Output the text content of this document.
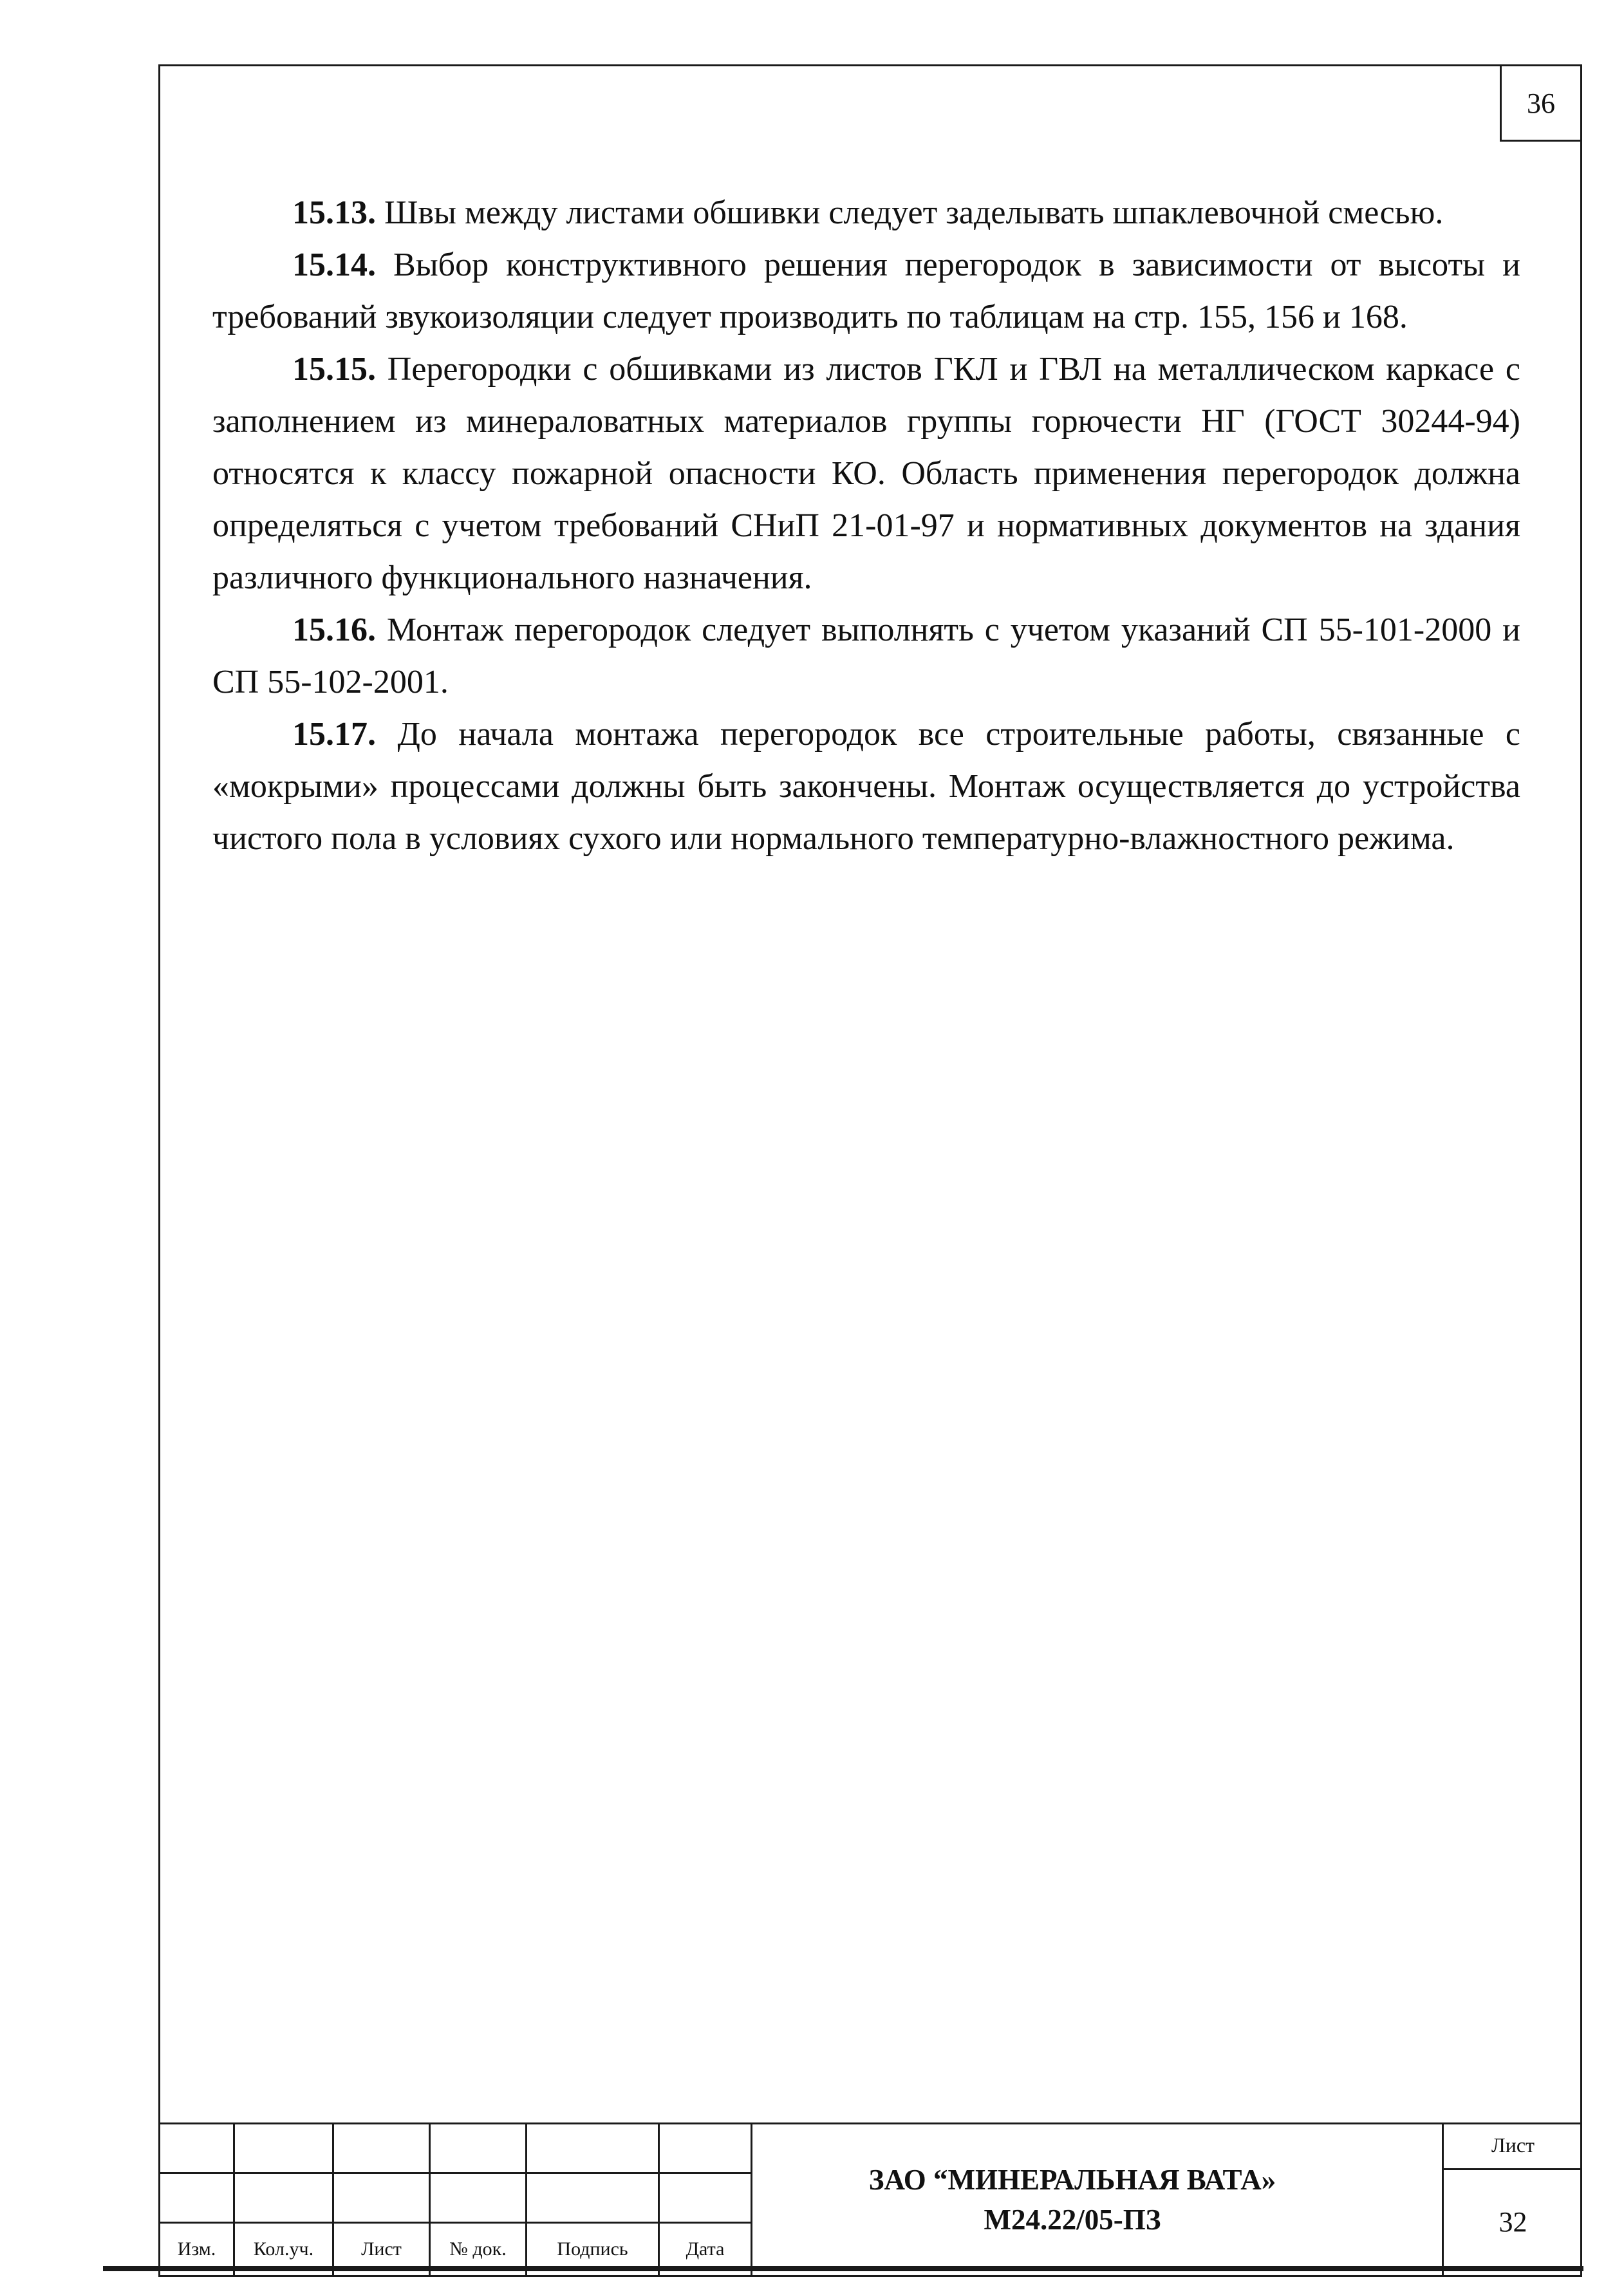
36

15.13. Швы между листами обшивки следует заделывать шпаклевочной смесью.

15.14. Выбор конструктивного решения перегородок в зависимости от высоты и требований звукоизоляции следует производить по таблицам на стр. 155, 156 и 168.

15.15. Перегородки с обшивками из листов ГКЛ и ГВЛ на металлическом каркасе с заполнением из минераловатных материалов группы горючести НГ (ГОСТ 30244-94) относятся к классу пожарной опасности КО. Область применения перегородок должна определяться с учетом требований СНиП 21-01-97 и нормативных документов на здания различного функционального назначения.

15.16. Монтаж перегородок следует выполнять с учетом указаний СП 55-101-2000 и СП 55-102-2001.

15.17. До начала монтажа перегородок все строительные работы, связанные с «мокрыми» процессами должны быть закончены. Монтаж осуществляется до устройства чистого пола в условиях сухого или нормального температурно-влажностного режима.

Изм.	Кол.уч.	Лист	№ док.	Подпись	Дата
ЗАО “МИНЕРАЛЬНАЯ ВАТА»
М24.22/05-ПЗ
Лист
32
